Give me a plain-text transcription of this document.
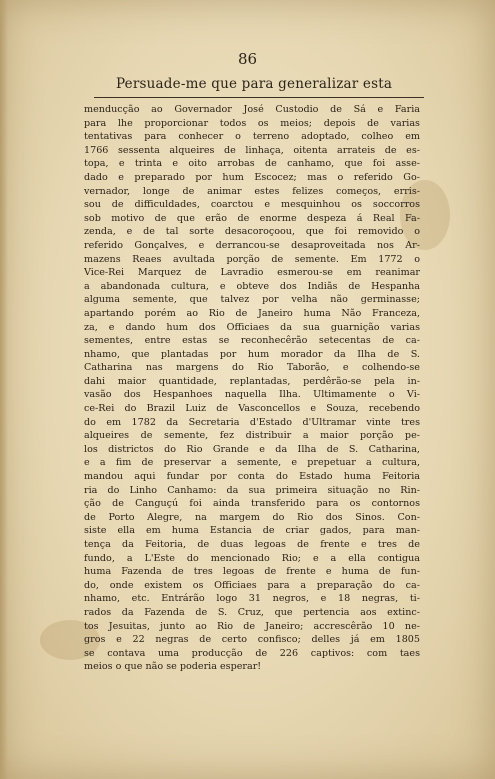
86
Persuade-me que para generalizar esta
menducção ao Governador José Custodio de Sá e Faria
para lhe proporcionar todos os meios; depois de varias
tentativas para conhecer o terreno adoptado, colheo em
1766 sessenta alqueires de linhaça, oitenta arrateis de es-
topa, e trinta e oito arrobas de canhamo, que foi asse-
dado e preparado por hum Escocez; mas o referido Go-
vernador, longe de animar estes felizes começos, erris-
sou de difficuldades, coarctou e mesquinhou os soccorros
sob motivo de que erão de enorme despeza á Real Fa-
zenda, e de tal sorte desacoroçoou, que foi removido o
referido Gonçalves, e derrancou-se desaproveitada nos Ar-
mazens Reaes avultada porção de semente. Em 1772 o
Vice-Rei Marquez de Lavradio esmerou-se em reanimar
a abandonada cultura, e obteve dos Indiãs de Hespanha
alguma semente, que talvez por velha não germinasse;
apartando porém ao Rio de Janeiro huma Não Franceza,
za, e dando hum dos Officiaes da sua guarnição varias
sementes, entre estas se reconhecêrão setecentas de ca-
nhamo, que plantadas por hum morador da Ilha de S.
Catharina nas margens do Rio Taborão, e colhendo-se
dahi maior quantidade, replantadas, perdêrão-se pela in-
vasão dos Hespanhoes naquella Ilha. Ultimamente o Vi-
ce-Rei do Brazil Luiz de Vasconcellos e Souza, recebendo
do em 1782 da Secretaria d'Estado d'Ultramar vinte tres
alqueires de semente, fez distribuir a maior porção pe-
los districtos do Rio Grande e da Ilha de S. Catharina,
e a fim de preservar a semente, e prepetuar a cultura,
mandou aqui fundar por conta do Estado huma Feitoria
ria do Linho Canhamo: da sua primeira situação no Rin-
ção de Canguçú foi ainda transferido para os contornos
de Porto Alegre, na margem do Rio dos Sinos. Con-
siste ella em huma Estancia de criar gados, para man-
tença da Feitoria, de duas legoas de frente e tres de
fundo, a L'Este do mencionado Rio; e a ella contigua
huma Fazenda de tres legoas de frente e huma de fun-
do, onde existem os Officiaes para a preparação do ca-
nhamo, etc. Entrárão logo 31 negros, e 18 negras, ti-
rados da Fazenda de S. Cruz, que pertencia aos extinc-
tos Jesuitas, junto ao Rio de Janeiro; accrescêrão 10 ne-
gros e 22 negras de certo confisco; delles já em 1805
se contava uma producção de 226 captivos: com taes
meios o que não se poderia esperar!
